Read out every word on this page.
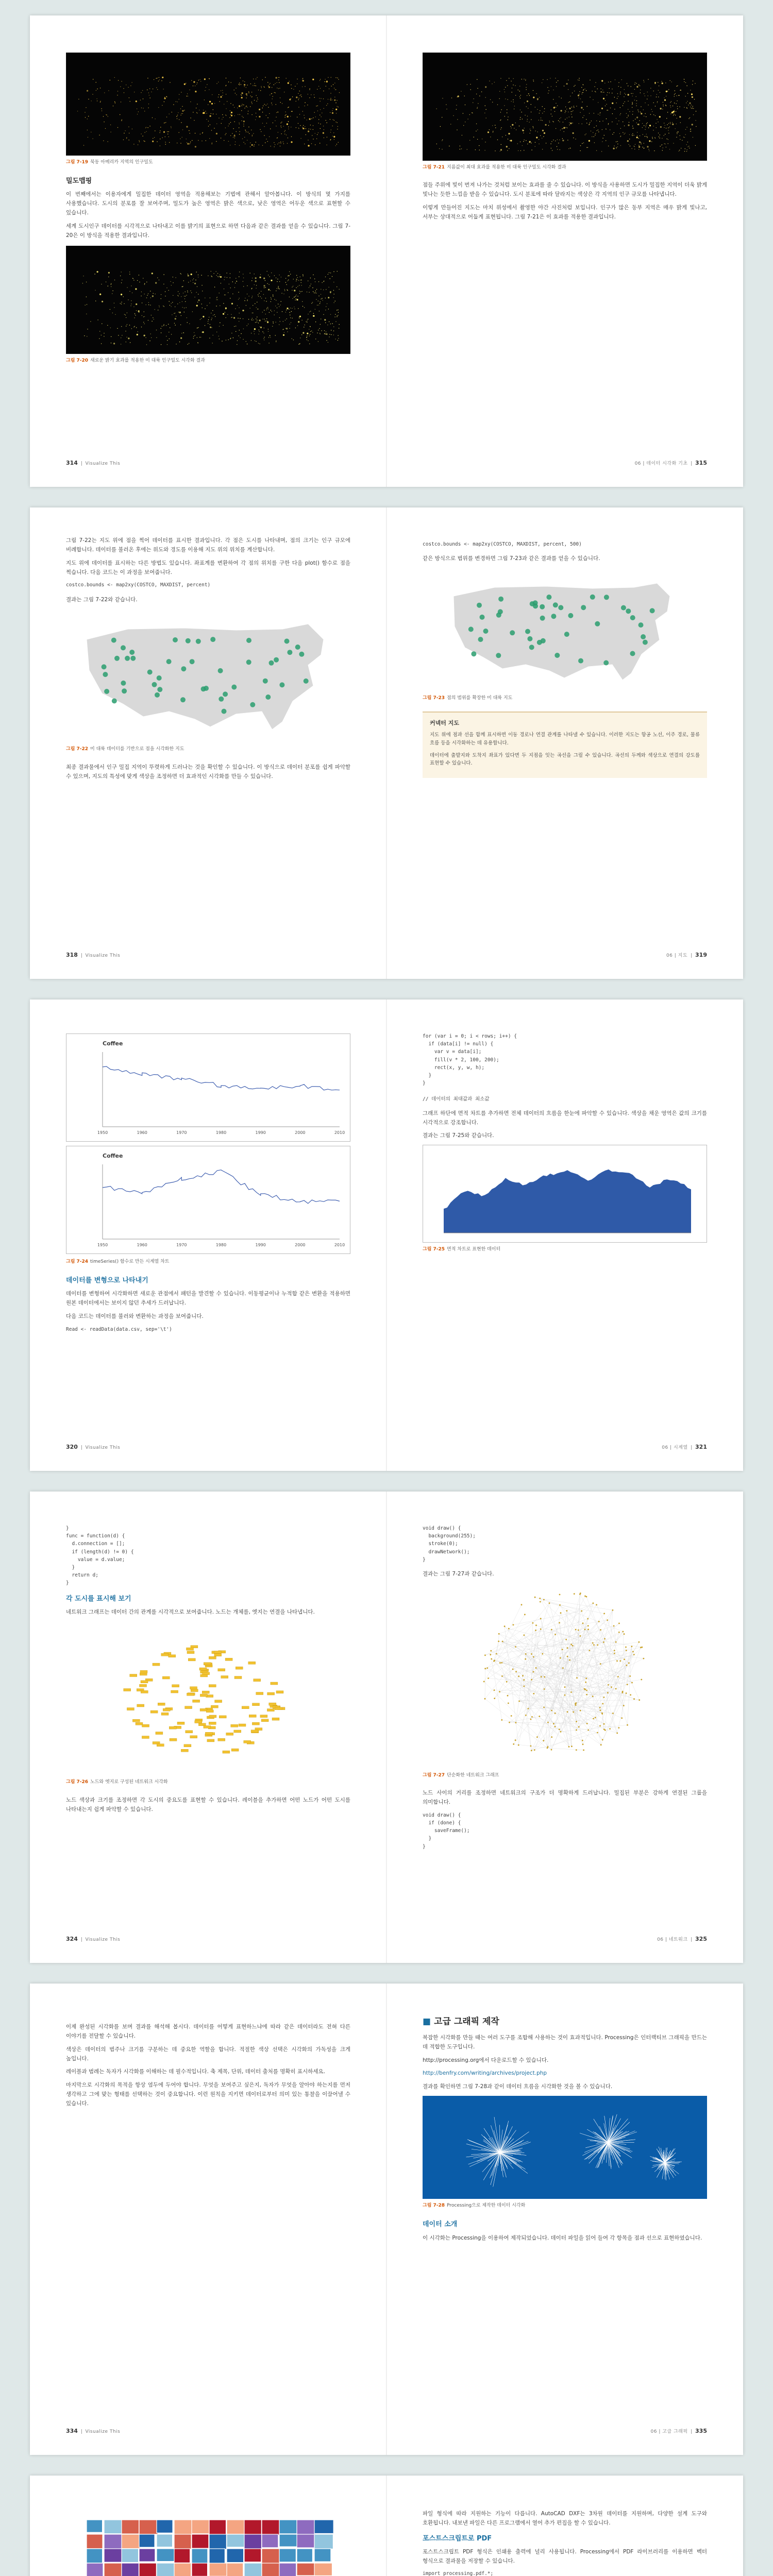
그림 7-19 북동 아메리카 지역의 인구밀도
밀도맵핑
이 번째에서는 이용자에게 밀집한 데이터 영역을 적용해보는 기법에 관해서 알아봅니다. 이 방식의 몇 가지를 사용했습니다. 도시의 분포를 잘 보여주며, 밀도가 높은 영역은 밝은 색으로, 낮은 영역은 어두운 색으로 표현할 수 있습니다.
세계 도시인구 데이터를 시각적으로 나타내고 이를 밝기의 표현으로 하면 다음과 같은 결과를 얻을 수 있습니다. 그림 7-20은 이 방식을 적용한 결과입니다.
그림 7-20 새로운 밝기 효과를 적용한 미 대륙 인구밀도 시각화 결과
314  |  Visualize This
그림 7-21 지름값이 최대 효과를 적용한 미 대륙 인구밀도 시각화 결과
점들 주위에 빛이 번져 나가는 것처럼 보이는 효과를 줄 수 있습니다. 이 방식을 사용하면 도시가 밀집한 지역이 더욱 밝게 빛나는 듯한 느낌을 받을 수 있습니다. 도시 분포에 따라 달라지는 색상은 각 지역의 인구 규모를 나타냅니다.
이렇게 만들어진 지도는 마치 위성에서 촬영한 야간 사진처럼 보입니다. 인구가 많은 동부 지역은 매우 밝게 빛나고, 서부는 상대적으로 어둡게 표현됩니다. 그림 7-21은 이 효과를 적용한 결과입니다.
06 | 데이터 시각화 기초  |  315
그림 7-22는 지도 위에 점을 찍어 데이터를 표시한 결과입니다. 각 점은 도시를 나타내며, 점의 크기는 인구 규모에 비례합니다. 데이터를 불러온 후에는 위도와 경도를 이용해 지도 위의 위치를 계산합니다.
지도 위에 데이터를 표시하는 다른 방법도 있습니다. 좌표계를 변환하여 각 점의 위치를 구한 다음 plot() 함수로 점을 찍습니다. 다음 코드는 이 과정을 보여줍니다.
costco.bounds <- map2xy(COSTCO, MAXDIST, percent)
결과는 그림 7-22와 같습니다.
그림 7-22 미 대륙 데이터를 기반으로 점을 시각화한 지도
최종 결과물에서 인구 밀집 지역이 뚜렷하게 드러나는 것을 확인할 수 있습니다. 이 방식으로 데이터 분포를 쉽게 파악할 수 있으며, 지도의 특성에 맞게 색상을 조정하면 더 효과적인 시각화를 만들 수 있습니다.
318  |  Visualize This
costco.bounds <- map2xy(COSTCO, MAXDIST, percent, 500)
같은 방식으로 범위를 변경하면 그림 7-23과 같은 결과를 얻을 수 있습니다.
그림 7-23 점의 범위를 확장한 미 대륙 지도
커넥터 지도
지도 위에 점과 선을 함께 표시하면 이동 경로나 연결 관계를 나타낼 수 있습니다. 이러한 지도는 항공 노선, 이주 경로, 물류 흐름 등을 시각화하는 데 유용합니다.
데이터에 출발지와 도착지 좌표가 있다면 두 지점을 잇는 곡선을 그릴 수 있습니다. 곡선의 두께와 색상으로 연결의 강도를 표현할 수 있습니다.
06 | 지도  |  319
Coffee
1950	1960	1970	1980	1990	2000	2010
Coffee
1950	1960	1970	1980	1990	2000	2010
그림 7-24 timeSeries() 함수로 만든 시계열 차트
데이터를 변형으로 나타내기
데이터를 변형하여 시각화하면 새로운 관점에서 패턴을 발견할 수 있습니다. 이동평균이나 누적합 같은 변환을 적용하면 원본 데이터에서는 보이지 않던 추세가 드러납니다.
다음 코드는 데이터를 불러와 변환하는 과정을 보여줍니다.
Read <- readData(data.csv, sep='\t')
320  |  Visualize This
for (var i = 0; i < rows; i++) {
if (data[i] != null) {
var v = data[i];
fill(v * 2, 100, 200);
rect(x, y, w, h);
}
}

// 데이터의 최대값과 최소값
그래프 하단에 면적 차트를 추가하면 전체 데이터의 흐름을 한눈에 파악할 수 있습니다. 색상을 채운 영역은 값의 크기를 시각적으로 강조합니다.
결과는 그림 7-25와 같습니다.
그림 7-25 면적 차트로 표현한 데이터
06 | 시계열  |  321
}
func = function(d) {
d.connection = [];
if (length(d) != 0) {
value = d.value;
}
return d;
}
각 도시를 표시해 보기
네트워크 그래프는 데이터 간의 관계를 시각적으로 보여줍니다. 노드는 개체를, 엣지는 연결을 나타냅니다.
그림 7-26 노드와 엣지로 구성된 네트워크 시각화
노드 색상과 크기를 조정하면 각 도시의 중요도를 표현할 수 있습니다. 레이블을 추가하면 어떤 노드가 어떤 도시를 나타내는지 쉽게 파악할 수 있습니다.
324  |  Visualize This
void draw() {
background(255);
stroke(0);
drawNetwork();
}
결과는 그림 7-27과 같습니다.
그림 7-27 단순화한 네트워크 그래프
노드 사이의 거리를 조정하면 네트워크의 구조가 더 명확하게 드러납니다. 밀집된 부분은 강하게 연결된 그룹을 의미합니다.
void draw() {
if (done) {
saveFrame();
}
}
06 | 네트워크  |  325
이제 완성된 시각화를 보며 결과를 해석해 봅시다. 데이터를 어떻게 표현하느냐에 따라 같은 데이터라도 전혀 다른 이야기를 전달할 수 있습니다.
색상은 데이터의 범주나 크기를 구분하는 데 중요한 역할을 합니다. 적절한 색상 선택은 시각화의 가독성을 크게 높입니다.
레이블과 범례는 독자가 시각화를 이해하는 데 필수적입니다. 축 제목, 단위, 데이터 출처를 명확히 표시하세요.
마지막으로 시각화의 목적을 항상 염두에 두어야 합니다. 무엇을 보여주고 싶은지, 독자가 무엇을 알아야 하는지를 먼저 생각하고 그에 맞는 형태를 선택하는 것이 중요합니다. 이런 원칙을 지키면 데이터로부터 의미 있는 통찰을 이끌어낼 수 있습니다.
334  |  Visualize This
■ 고급 그래픽 제작
복잡한 시각화를 만들 때는 여러 도구를 조합해 사용하는 것이 효과적입니다. Processing은 인터랙티브 그래픽을 만드는 데 적합한 도구입니다.
http://processing.org에서 다운로드할 수 있습니다.
http://benfry.com/writing/archives/project.php
결과를 확인하면 그림 7-28과 같이 데이터 흐름을 시각화한 것을 볼 수 있습니다.
그림 7-28 Processing으로 제작한 데이터 시각화
데이터 소개
이 시각화는 Processing을 이용하여 제작되었습니다. 데이터 파일을 읽어 들여 각 항목을 점과 선으로 표현하였습니다.
06 | 고급 그래픽  |  335
파일 형식에 따라 지원하는 기능이 다릅니다. AutoCAD DXF는 3차원 데이터를 지원하며, 다양한 설계 도구와 호환됩니다. 내보낸 파일은 다른 프로그램에서 열어 추가 편집을 할 수 있습니다.
포스트스크립트로 PDF
포스트스크립트 PDF 형식은 인쇄용 출력에 널리 사용됩니다. Processing에서 PDF 라이브러리를 이용하면 벡터 형식으로 결과물을 저장할 수 있습니다.
import processing.pdf.*;
